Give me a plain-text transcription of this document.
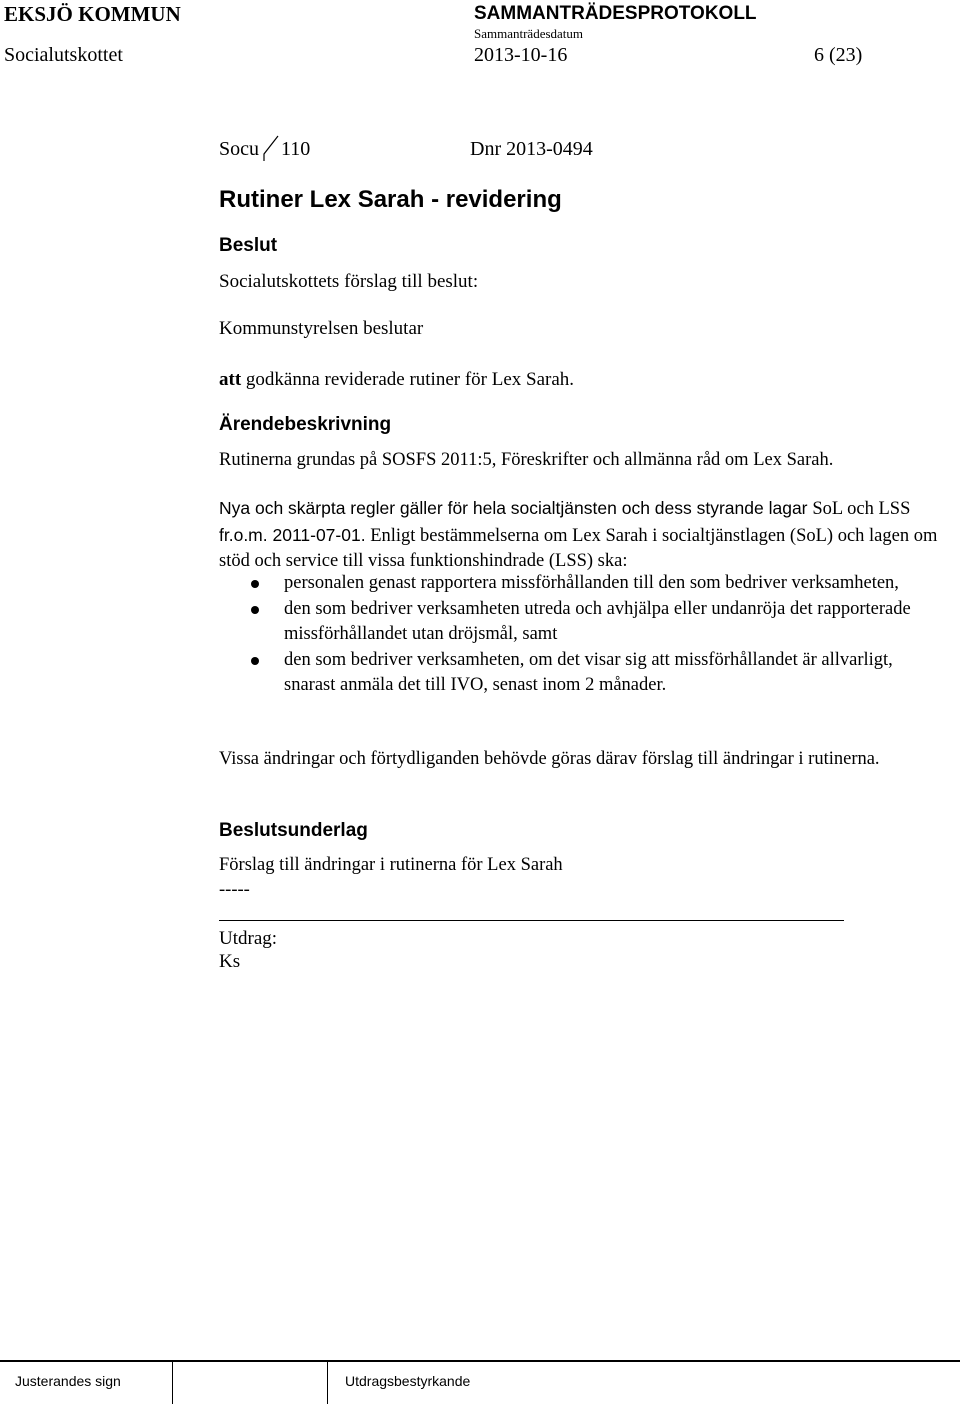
EKSJÖ KOMMUN	SAMMANTRÄDESPROTOKOLL
Sammanträdesdatum
Socialutskottet	2013-10-16	6 (23)
Socu 110	Dnr 2013-0494
Rutiner Lex Sarah - revidering
Beslut
Socialutskottets förslag till beslut:
Kommunstyrelsen beslutar
att godkänna reviderade rutiner för Lex Sarah.
Ärendebeskrivning
Rutinerna grundas på SOSFS 2011:5, Föreskrifter och allmänna råd om Lex Sarah.
Nya och skärpta regler gäller för hela socialtjänsten och dess styrande lagar SoL och LSS fr.o.m. 2011-07-01. Enligt bestämmelserna om Lex Sarah i socialtjänstlagen (SoL) och lagen om stöd och service till vissa funktionshindrade (LSS) ska:
personalen genast rapportera missförhållanden till den som bedriver verksamheten,
den som bedriver verksamheten utreda och avhjälpa eller undanröja det rapporterade missförhållandet utan dröjsmål, samt
den som bedriver verksamheten, om det visar sig att missförhållandet är allvarligt, snarast anmäla det till IVO, senast inom 2 månader.
Vissa ändringar och förtydliganden behövde göras därav förslag till ändringar i rutinerna.
Beslutsunderlag
Förslag till ändringar i rutinerna för Lex Sarah
-----
Utdrag:
Ks
Justerandes sign	Utdragsbestyrkande
